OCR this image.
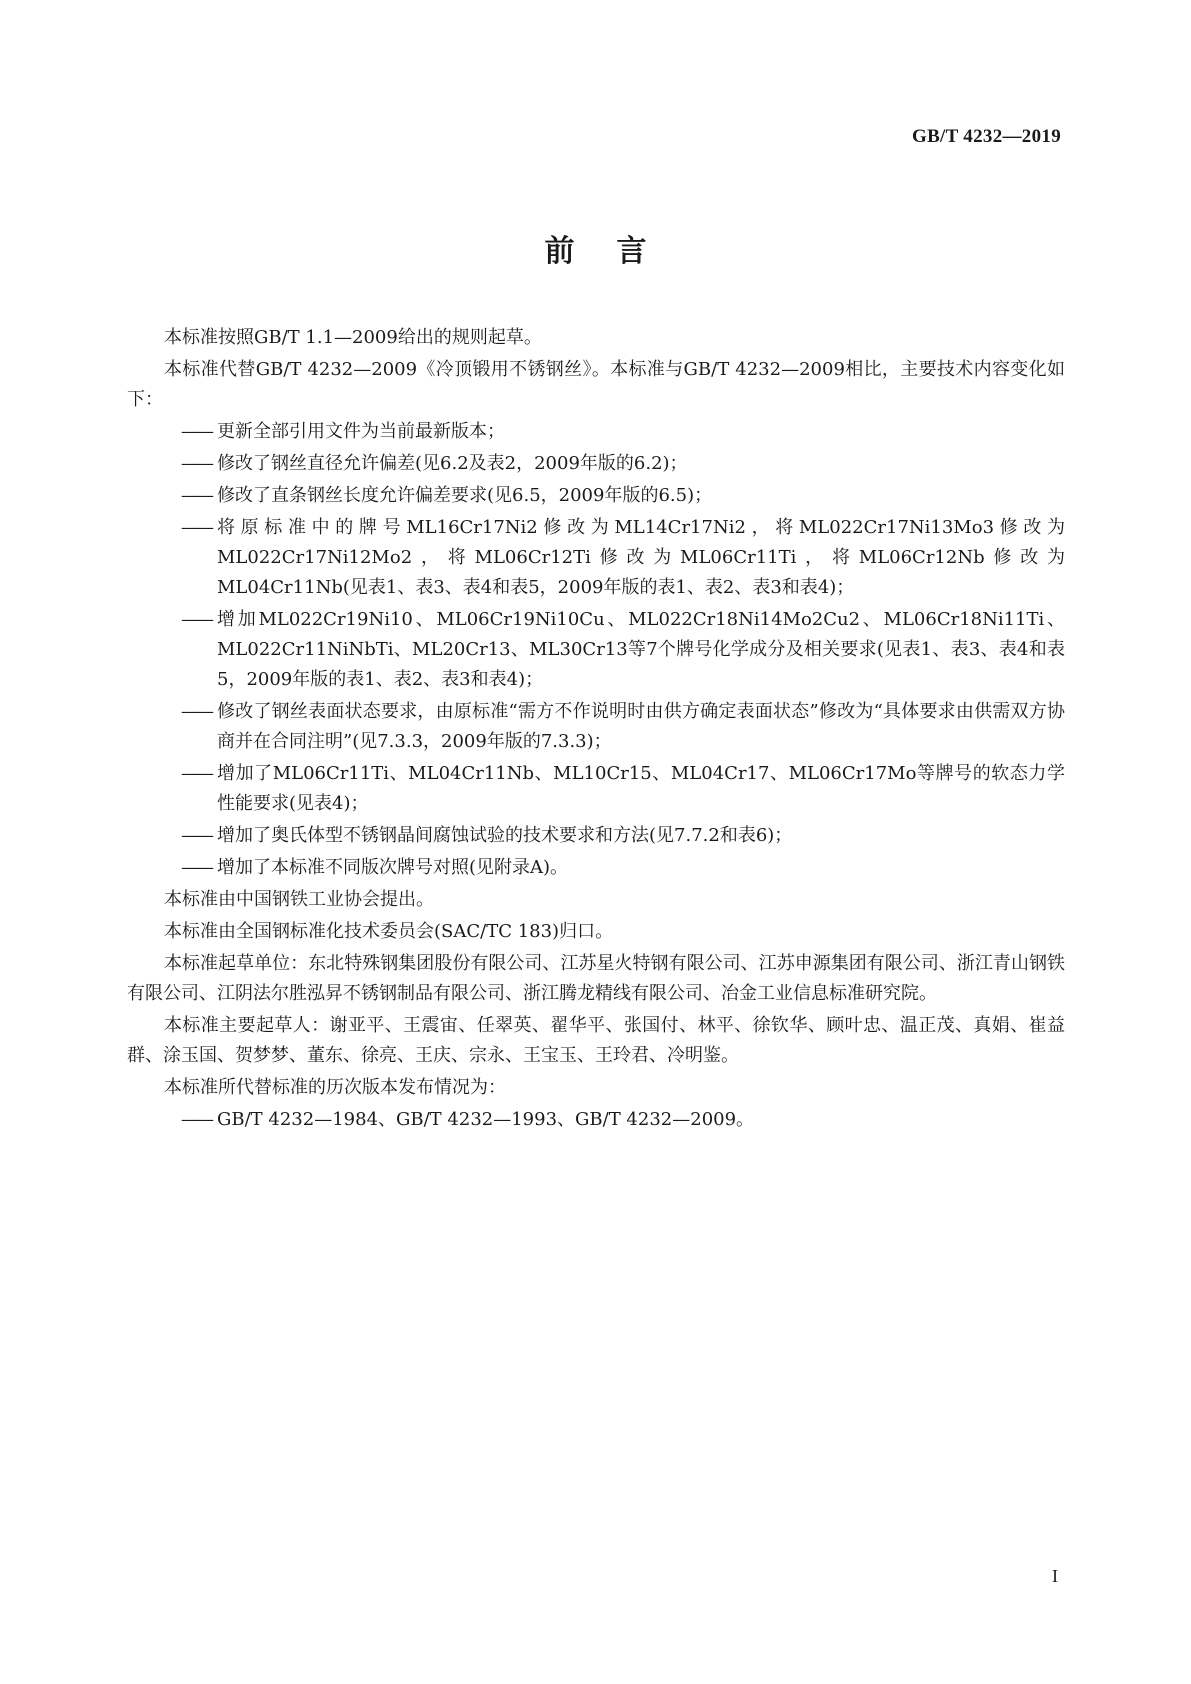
GB/T 4232—2019
前言

本标准按照GB/T 1.1—2009给出的规则起草。

本标准代替GB/T 4232—2009《冷顶锻用不锈钢丝》。本标准与GB/T 4232—2009相比，主要技术内容变化如下：

—— 更新全部引用文件为当前最新版本；
—— 修改了钢丝直径允许偏差(见6.2及表2，2009年版的6.2)；
—— 修改了直条钢丝长度允许偏差要求(见6.5，2009年版的6.5)；
—— 将原标准中的牌号ML16Cr17Ni2修改为ML14Cr17Ni2，将ML022Cr17Ni13Mo3修改为ML022Cr17Ni12Mo2，将ML06Cr12Ti修改为ML06Cr11Ti，将ML06Cr12Nb修改为ML04Cr11Nb(见表1、表3、表4和表5，2009年版的表1、表2、表3和表4)；
—— 增加ML022Cr19Ni10、ML06Cr19Ni10Cu、ML022Cr18Ni14Mo2Cu2、ML06Cr18Ni11Ti、ML022Cr11NiNbTi、ML20Cr13、ML30Cr13等7个牌号化学成分及相关要求(见表1、表3、表4和表5，2009年版的表1、表2、表3和表4)；
—— 修改了钢丝表面状态要求，由原标准“需方不作说明时由供方确定表面状态”修改为“具体要求由供需双方协商并在合同注明”(见7.3.3，2009年版的7.3.3)；
—— 增加了ML06Cr11Ti、ML04Cr11Nb、ML10Cr15、ML04Cr17、ML06Cr17Mo等牌号的软态力学性能要求(见表4)；
—— 增加了奥氏体型不锈钢晶间腐蚀试验的技术要求和方法(见7.7.2和表6)；
—— 增加了本标准不同版次牌号对照(见附录A)。

本标准由中国钢铁工业协会提出。

本标准由全国钢标准化技术委员会(SAC/TC 183)归口。

本标准起草单位：东北特殊钢集团股份有限公司、江苏星火特钢有限公司、江苏申源集团有限公司、浙江青山钢铁有限公司、江阴法尔胜泓昇不锈钢制品有限公司、浙江腾龙精线有限公司、冶金工业信息标准研究院。

本标准主要起草人：谢亚平、王震宙、任翠英、翟华平、张国付、林平、徐钦华、顾叶忠、温正茂、真娟、崔益群、涂玉国、贺梦梦、董东、徐亮、王庆、宗永、王宝玉、王玲君、冷明鉴。

本标准所代替标准的历次版本发布情况为：

—— GB/T 4232—1984、GB/T 4232—1993、GB/T 4232—2009。
I
